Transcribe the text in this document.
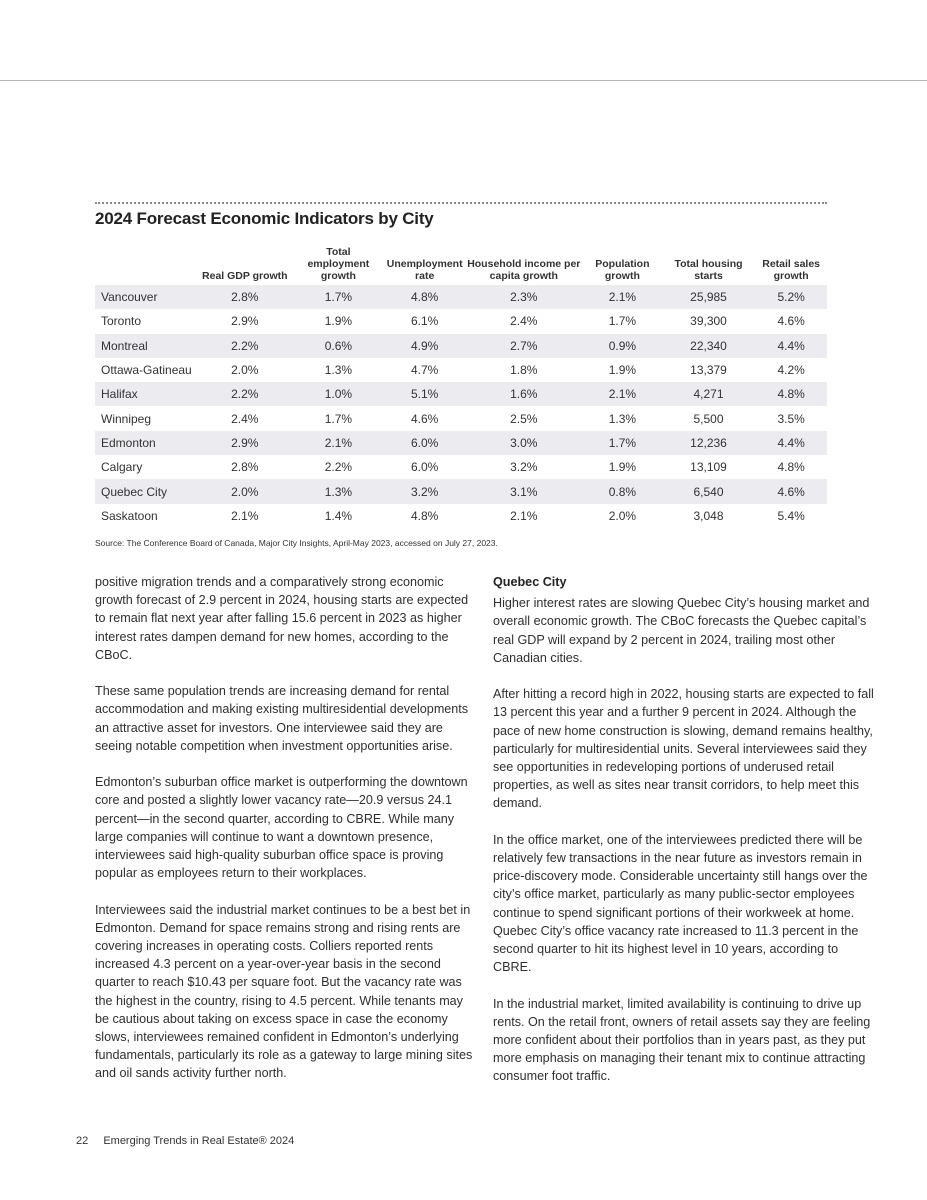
2024 Forecast Economic Indicators by City
	Real GDP growth	Total employment growth	Unemployment rate	Household income per capita growth	Population growth	Total housing starts	Retail sales growth
Vancouver	2.8%	1.7%	4.8%	2.3%	2.1%	25,985	5.2%
Toronto	2.9%	1.9%	6.1%	2.4%	1.7%	39,300	4.6%
Montreal	2.2%	0.6%	4.9%	2.7%	0.9%	22,340	4.4%
Ottawa-Gatineau	2.0%	1.3%	4.7%	1.8%	1.9%	13,379	4.2%
Halifax	2.2%	1.0%	5.1%	1.6%	2.1%	4,271	4.8%
Winnipeg	2.4%	1.7%	4.6%	2.5%	1.3%	5,500	3.5%
Edmonton	2.9%	2.1%	6.0%	3.0%	1.7%	12,236	4.4%
Calgary	2.8%	2.2%	6.0%	3.2%	1.9%	13,109	4.8%
Quebec City	2.0%	1.3%	3.2%	3.1%	0.8%	6,540	4.6%
Saskatoon	2.1%	1.4%	4.8%	2.1%	2.0%	3,048	5.4%
Source: The Conference Board of Canada, Major City Insights, April-May 2023, accessed on July 27, 2023.

positive migration trends and a comparatively strong economic growth forecast of 2.9 percent in 2024, housing starts are expected to remain flat next year after falling 15.6 percent in 2023 as higher interest rates dampen demand for new homes, according to the CBoC.

These same population trends are increasing demand for rental accommodation and making existing multiresidential developments an attractive asset for investors. One interviewee said they are seeing notable competition when investment opportunities arise.

Edmonton’s suburban office market is outperforming the downtown core and posted a slightly lower vacancy rate—20.9 versus 24.1 percent—in the second quarter, according to CBRE. While many large companies will continue to want a downtown presence, interviewees said high-quality suburban office space is proving popular as employees return to their workplaces.

Interviewees said the industrial market continues to be a best bet in Edmonton. Demand for space remains strong and rising rents are covering increases in operating costs. Colliers reported rents increased 4.3 percent on a year-over-year basis in the second quarter to reach $10.43 per square foot. But the vacancy rate was the highest in the country, rising to 4.5 percent. While tenants may be cautious about taking on excess space in case the economy slows, interviewees remained confident in Edmonton’s underlying fundamentals, particularly its role as a gateway to large mining sites and oil sands activity further north.

Quebec City

Higher interest rates are slowing Quebec City’s housing market and overall economic growth. The CBoC forecasts the Quebec capital’s real GDP will expand by 2 percent in 2024, trailing most other Canadian cities.

After hitting a record high in 2022, housing starts are expected to fall 13 percent this year and a further 9 percent in 2024. Although the pace of new home construction is slowing, demand remains healthy, particularly for multiresidential units. Several interviewees said they see opportunities in redeveloping portions of underused retail properties, as well as sites near transit corridors, to help meet this demand.

In the office market, one of the interviewees predicted there will be relatively few transactions in the near future as investors remain in price-discovery mode. Considerable uncertainty still hangs over the city’s office market, particularly as many public-sector employees continue to spend significant portions of their workweek at home. Quebec City’s office vacancy rate increased to 11.3 percent in the second quarter to hit its highest level in 10 years, according to CBRE.

In the industrial market, limited availability is continuing to drive up rents. On the retail front, owners of retail assets say they are feeling more confident about their portfolios than in years past, as they put more emphasis on managing their tenant mix to continue attracting consumer foot traffic.

22 Emerging Trends in Real Estate® 2024
